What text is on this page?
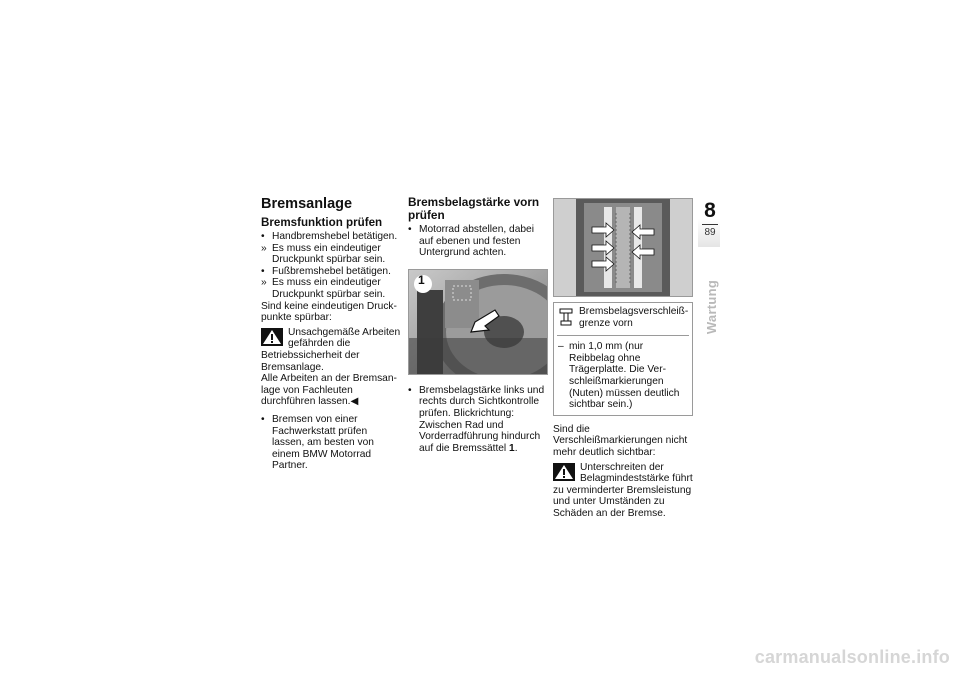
Bremsanlage
Bremsfunktion prüfen
• Handbremshebel betätigen.
» Es muss ein eindeutiger Druckpunkt spürbar sein.
• Fußbremshebel betätigen.
» Es muss ein eindeutiger Druckpunkt spürbar sein.

Sind keine eindeutigen Druckpunkte spürbar:

Unsachgemäße Arbeiten gefährden die Betriebssicherheit der Bremsanlage.

Alle Arbeiten an der Bremsanlage von Fachleuten durchführen lassen.◀

• Bremsen von einer Fachwerkstatt prüfen lassen, am besten von einem BMW Motorrad Partner.
Bremsbelagstärke vorn prüfen
• Motorrad abstellen, dabei auf ebenen und festen Untergrund achten.
1
• Bremsbelagstärke links und rechts durch Sichtkontrolle prüfen. Blickrichtung: Zwischen Rad und Vorderradführung hindurch auf die Bremssättel 1.
Bremsbelagsverschleißgrenze vorn
– min 1,0 mm (nur Reibbelag ohne Trägerplatte. Die Verschleißmarkierungen (Nuten) müssen deutlich sichtbar sein.)

Sind die Verschleißmarkierungen nicht mehr deutlich sichtbar:

Unterschreiten der Belagmindeststärke führt zu verminderter Bremsleistung und unter Umständen zu Schäden an der Bremse.
8
89
Wartung
carmanualsonline.info
